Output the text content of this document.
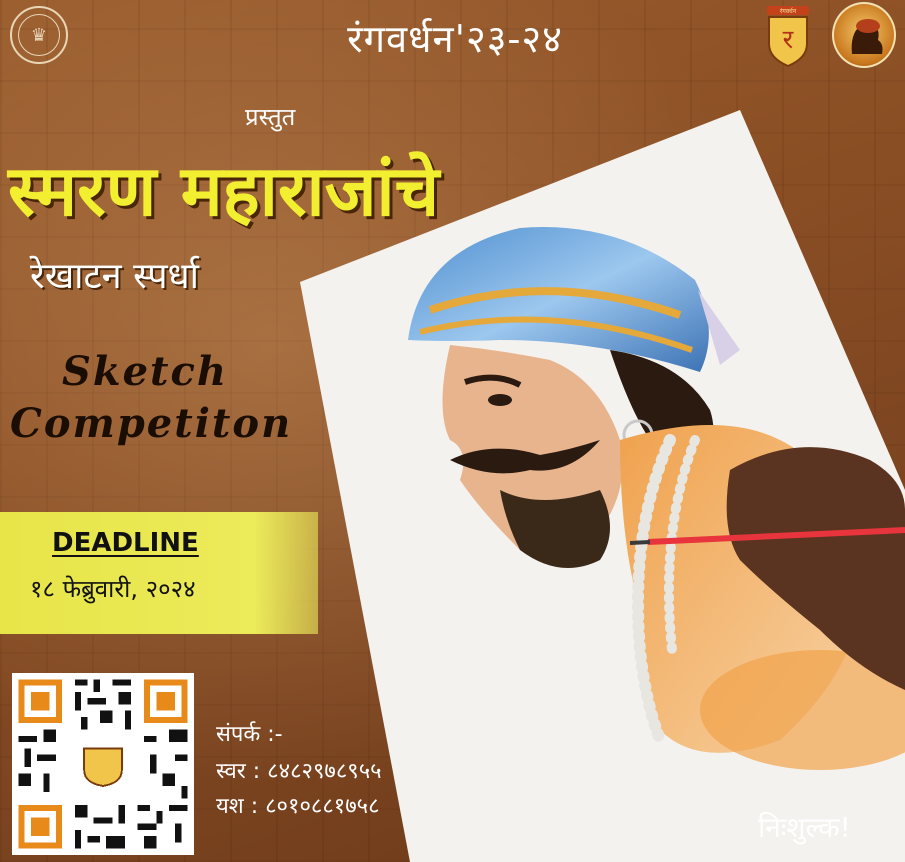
♛	रंगवर्धन'२३-२४
रंगवर्धन
र
प्रस्तुत
स्मरण महाराजांचे
रेखाटन स्पर्धा
Sketch
Competiton
DEADLINE
१८ फेब्रुवारी, २०२४
संपर्क :-
स्वर : ८४८२९७८९५५
यश : ८०१०८८१७५८
निःशुल्क!
